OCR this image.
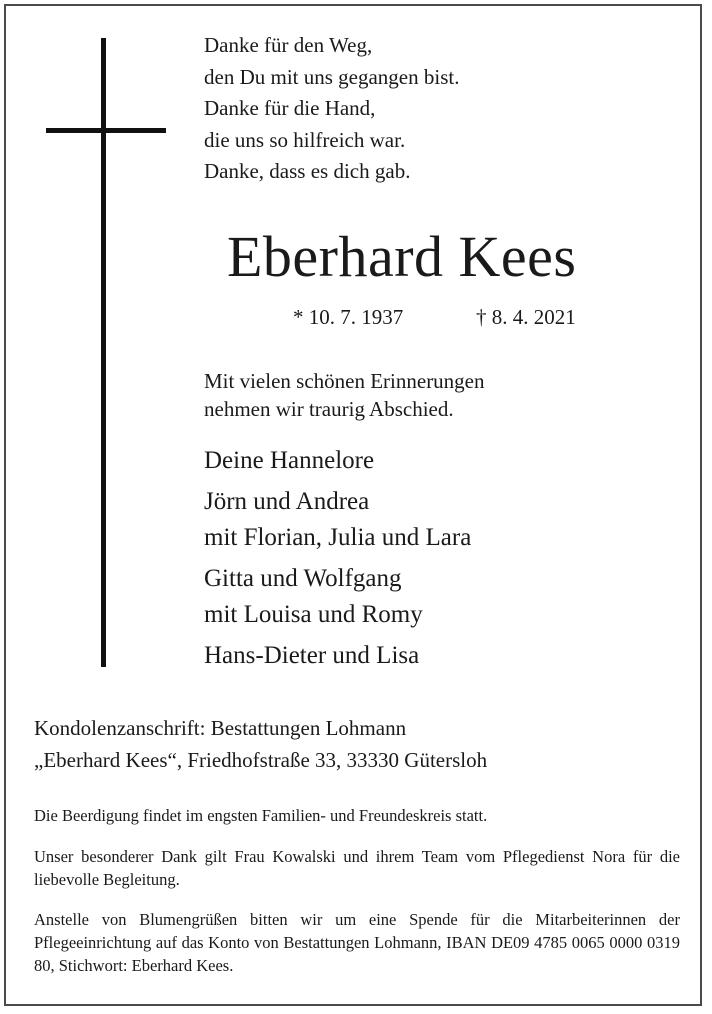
Danke für den Weg,
den Du mit uns gegangen bist.
Danke für die Hand,
die uns so hilfreich war.
Danke, dass es dich gab.
Eberhard Kees
* 10. 7. 1937	† 8. 4. 2021
Mit vielen schönen Erinnerungen
nehmen wir traurig Abschied.
Deine Hannelore
Jörn und Andrea
mit Florian, Julia und Lara
Gitta und Wolfgang
mit Louisa und Romy
Hans-Dieter und Lisa
Kondolenzanschrift: Bestattungen Lohmann
„Eberhard Kees“, Friedhofstraße 33, 33330 Gütersloh
Die Beerdigung findet im engsten Familien- und Freundeskreis statt.
Unser besonderer Dank gilt Frau Kowalski und ihrem Team vom Pflegedienst Nora für die liebevolle Begleitung.
Anstelle von Blumengrüßen bitten wir um eine Spende für die Mitarbeiterinnen der Pflegeeinrichtung auf das Konto von Bestattungen Lohmann, IBAN DE09 4785 0065 0000 0319 80, Stichwort: Eberhard Kees.
